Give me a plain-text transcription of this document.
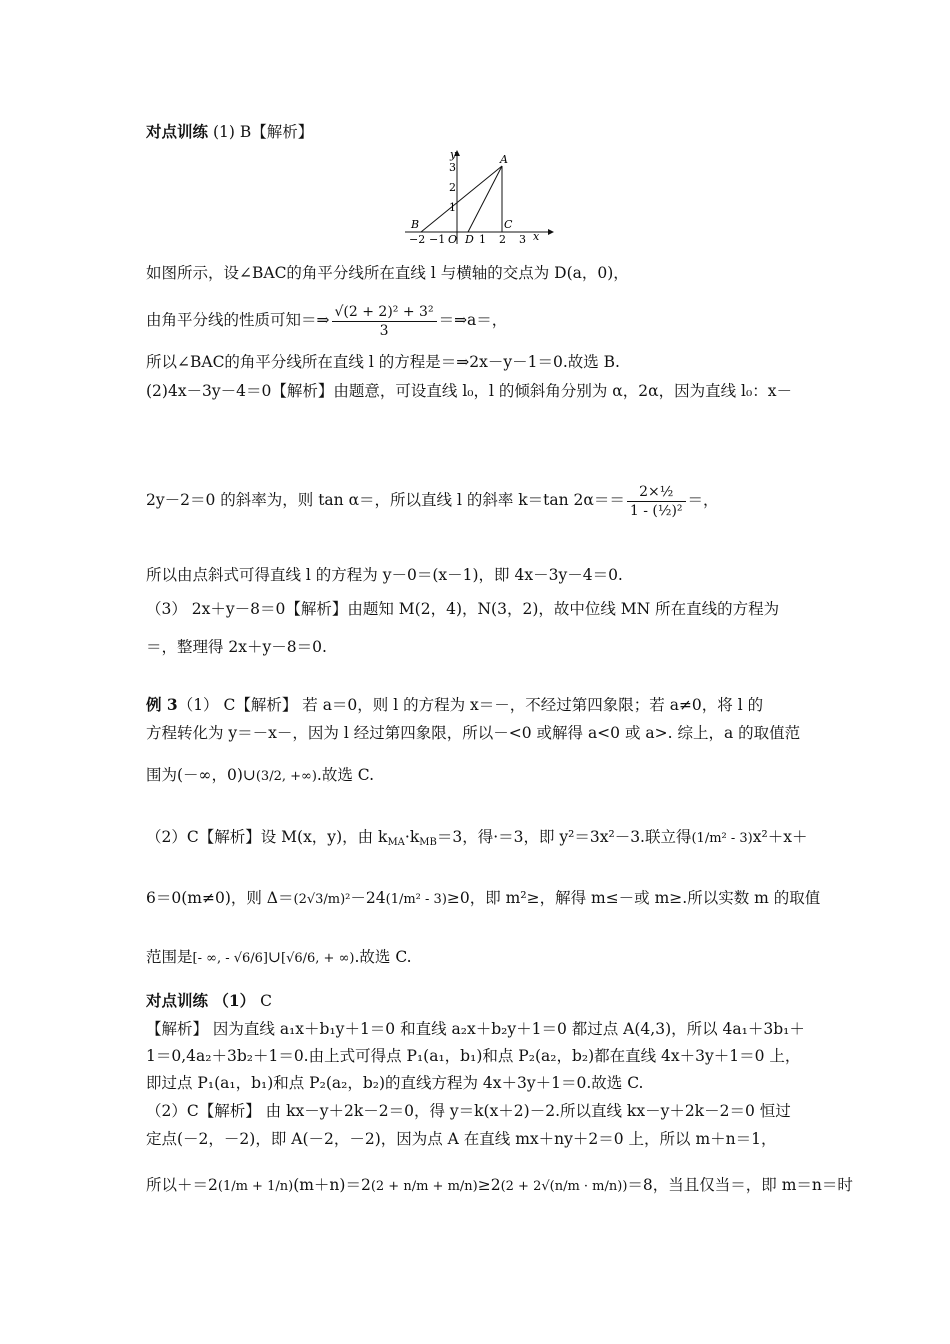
对点训练 (1) B【解析】
−2 −1 O 1 2 3 x
1
2
3
y	A
B	C
D
如图所示，设∠BAC的角平分线所在直线 l 与横轴的交点为 D(a，0)，
由角平分线的性质可知＝⇒ $\frac{\text{√(2 + 2)² + 3²}}{3}$ ＝⇒a＝，
所以∠BAC的角平分线所在直线 l 的方程是＝⇒2x－y－1＝0.故选 B.
(2)4x－3y－4＝0【解析】由题意，可设直线 l₀，l 的倾斜角分别为 α，2α，因为直线 l₀：x－
2y－2＝0 的斜率为，则 tan α＝，所以直线 l 的斜率 k＝tan $2\alpha== \frac{\text{2×½}}{\text{1 - (½)²}}$ ＝，
所以由点斜式可得直线 l 的方程为 y－0＝(x－1)，即 4x－3y－4＝0.
（3） 2x＋y－8＝0【解析】由题知 M(2，4)，N(3，2)，故中位线 MN 所在直线的方程为
＝，整理得 2x＋y－8＝0.
例 3（1） C【解析】 若 a＝0，则 l 的方程为 x＝－，不经过第四象限；若 a≠0，将 l 的
方程转化为 y＝－x－，因为 l 经过第四象限，所以－<0 或解得 a<0 或 a>. 综上，a 的取值范
围为(－∞，0)∪(3/2, +∞).故选 C.
（2）C【解析】设 M(x，y)，由 $k_{MA}\cdot k_{MB}=3$，得·＝3，即 y²＝3x²－3.联立得(1/m² - 3)x²＋x＋
6＝0(m≠0)，则 Δ＝(2√3/m)²－24(1/m² - 3)≥0，即 m²≥，解得 m≤－或 m≥.所以实数 m 的取值
范围是[- ∞, - √6/6]∪[√6/6, + ∞).故选 C.
对点训练 （1） C
【解析】 因为直线 a₁x＋b₁y＋1＝0 和直线 a₂x＋b₂y＋1＝0 都过点 A(4,3)，所以 4a₁＋3b₁＋
1＝0,4a₂＋3b₂＋1＝0.由上式可得点 P₁(a₁，b₁)和点 P₂(a₂，b₂)都在直线 4x＋3y＋1＝0 上，
即过点 P₁(a₁，b₁)和点 P₂(a₂，b₂)的直线方程为 4x＋3y＋1＝0.故选 C.
（2）C【解析】 由 kx－y＋2k－2＝0，得 y＝k(x＋2)－2.所以直线 kx－y＋2k－2＝0 恒过
定点(－2，－2)，即 A(－2，－2)，因为点 A 在直线 mx＋ny＋2＝0 上，所以 m＋n＝1，
所以＋＝2(1/m + 1/n)(m＋n)＝2(2 + n/m + m/n)≥2(2 + 2√(n/m · m/n))＝8，当且仅当＝，即 m＝n＝时
